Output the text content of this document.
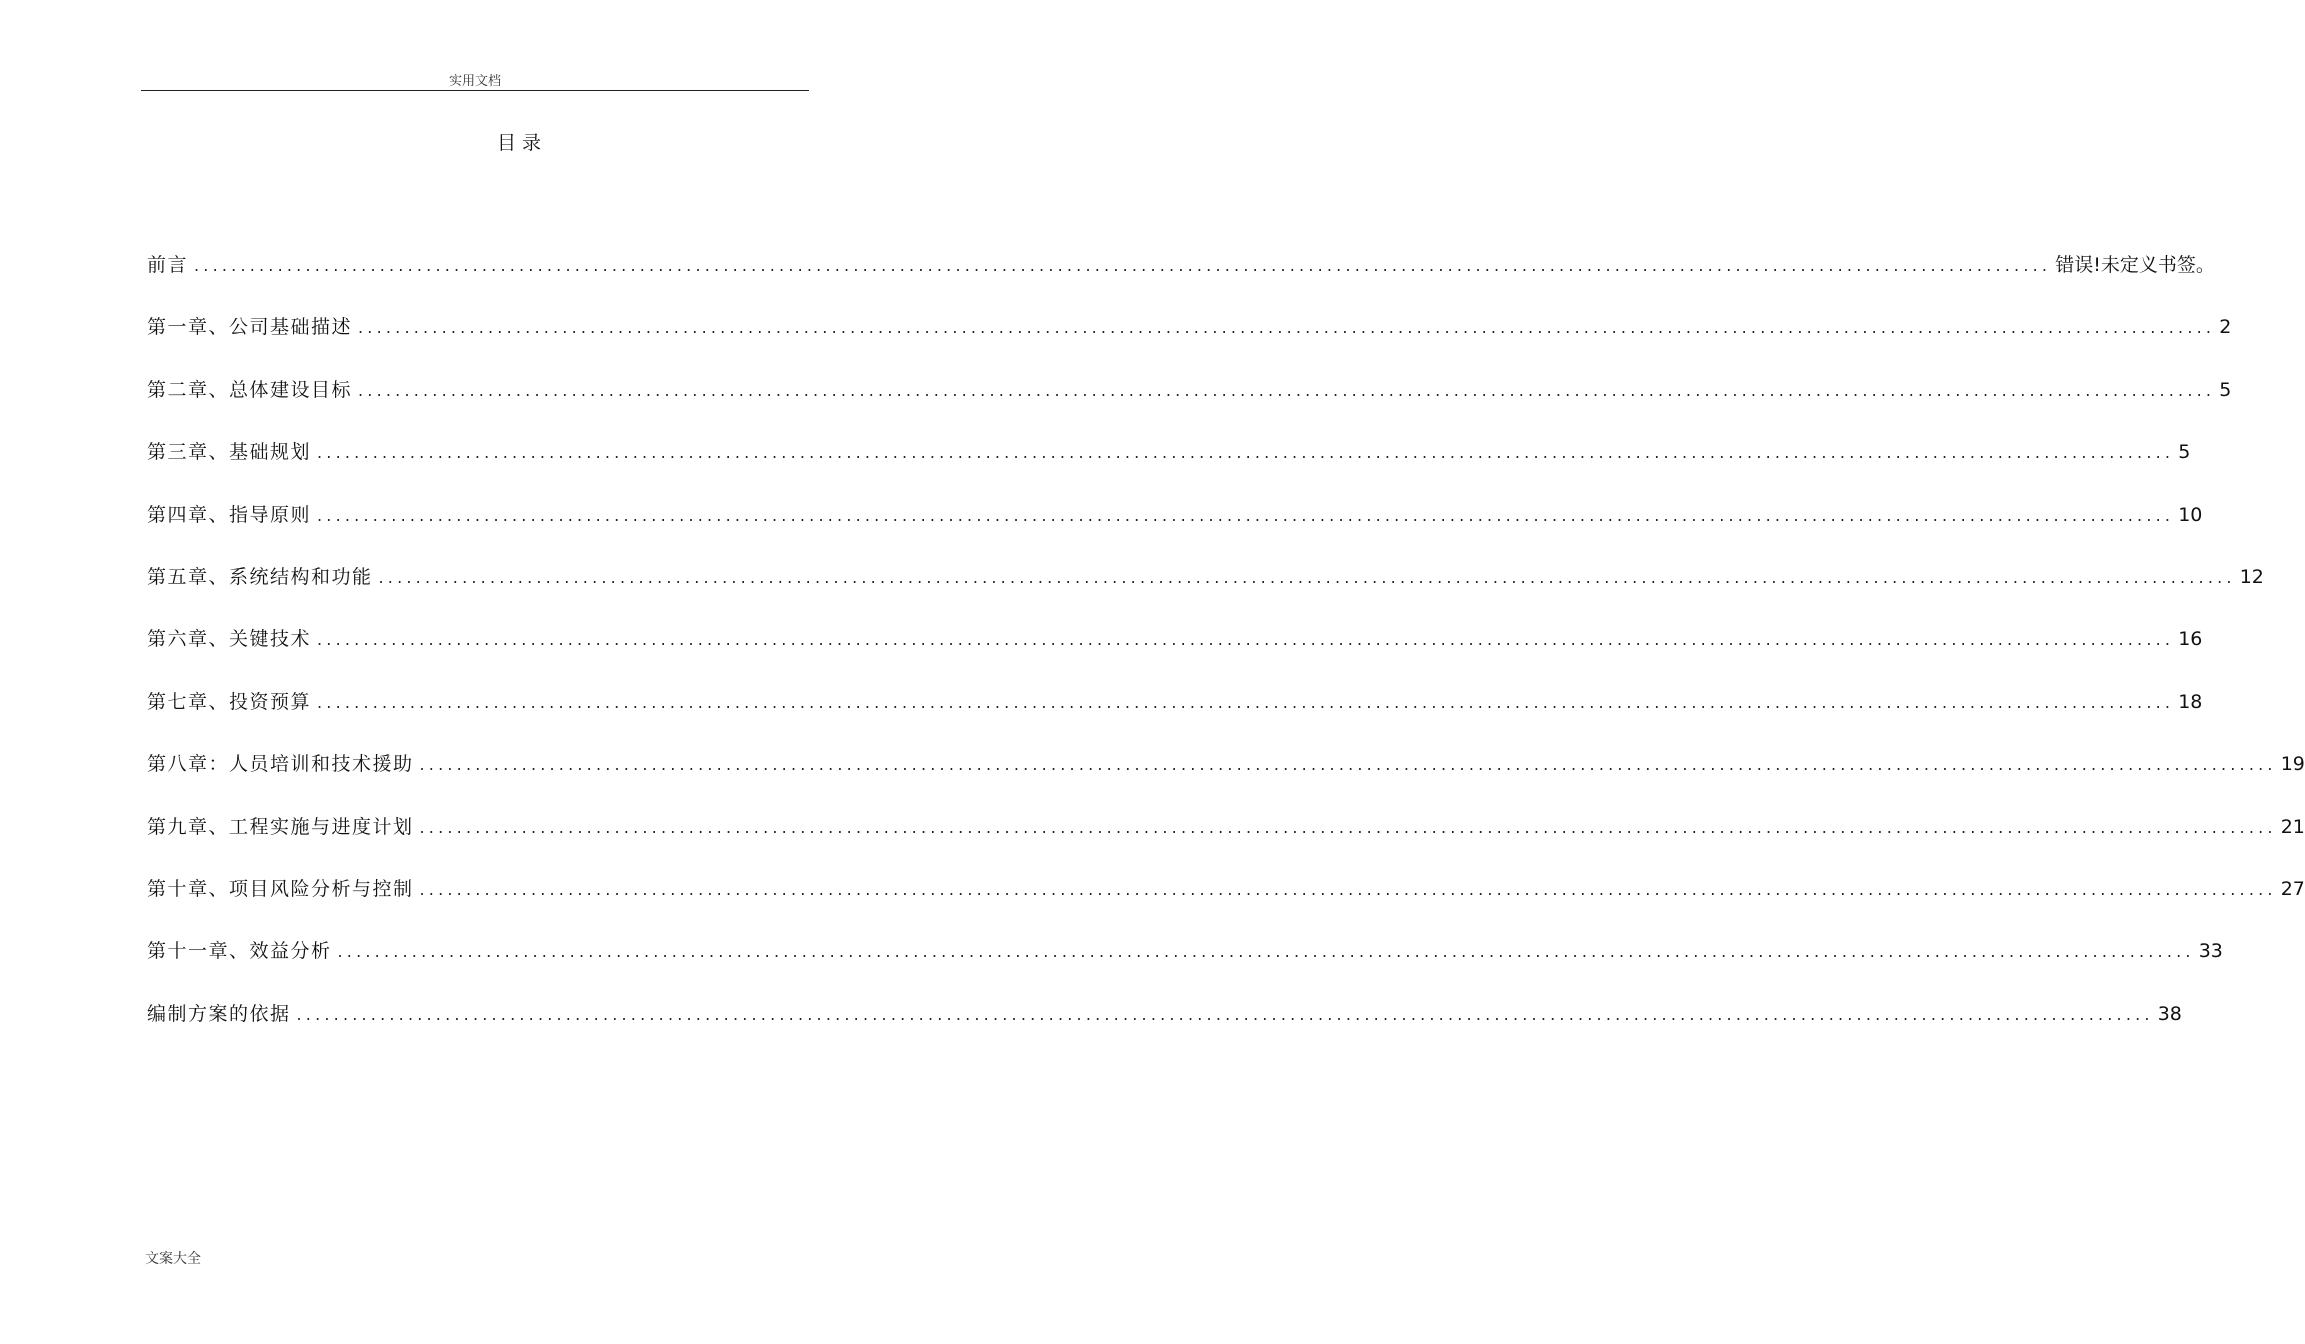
实用文档
目录
前言 ........................................................................................................................................................................................................ 错误!未定义书签。
第一章、公司基础描述 ........................................................................................................................................................................................................ 2
第二章、总体建设目标 ........................................................................................................................................................................................................ 5
第三章、基础规划 ........................................................................................................................................................................................................ 5
第四章、指导原则 ........................................................................................................................................................................................................ 10
第五章、系统结构和功能 ........................................................................................................................................................................................................ 12
第六章、关键技术 ........................................................................................................................................................................................................ 16
第七章、投资预算 ........................................................................................................................................................................................................ 18
第八章：人员培训和技术援助 ........................................................................................................................................................................................................ 19
第九章、工程实施与进度计划 ........................................................................................................................................................................................................ 21
第十章、项目风险分析与控制 ........................................................................................................................................................................................................ 27
第十一章、效益分析 ........................................................................................................................................................................................................ 33
编制方案的依据 ........................................................................................................................................................................................................ 38
文案大全
